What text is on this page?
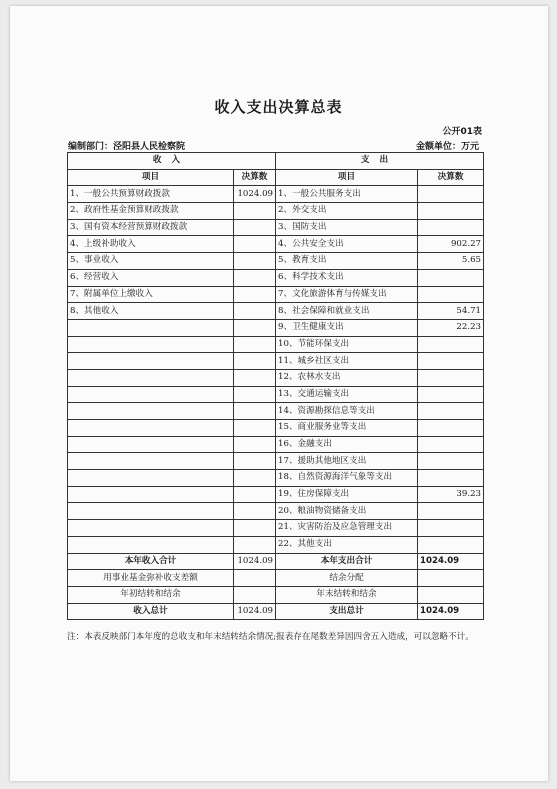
收入支出决算总表
公开01表
编制部门：泾阳县人民检察院	金额单位：万元
收入		支出	
项目	决算数	项目	决算数
1、一般公共预算财政拨款	1024.09	1、一般公共服务支出	
2、政府性基金预算财政拨款		2、外交支出	
3、国有资本经营预算财政拨款		3、国防支出	
4、上级补助收入		4、公共安全支出	902.27
5、事业收入		5、教育支出	5.65
6、经营收入		6、科学技术支出	
7、附属单位上缴收入		7、文化旅游体育与传媒支出	
8、其他收入		8、社会保障和就业支出	54.71
		9、卫生健康支出	22.23
		10、节能环保支出	
		11、城乡社区支出	
		12、农林水支出	
		13、交通运输支出	
		14、资源勘探信息等支出	
		15、商业服务业等支出	
		16、金融支出	
		17、援助其他地区支出	
		18、自然资源海洋气象等支出	
		19、住房保障支出	39.23
		20、粮油物资储备支出	
		21、灾害防治及应急管理支出	
		22、其他支出	
本年收入合计	1024.09	本年支出合计	1024.09
用事业基金弥补收支差额		结余分配	
年初结转和结余		年末结转和结余	
收入总计	1024.09	支出总计	1024.09
注：本表反映部门本年度的总收支和年末结转结余情况;报表存在尾数差异因四舍五入造成，可以忽略不计。
